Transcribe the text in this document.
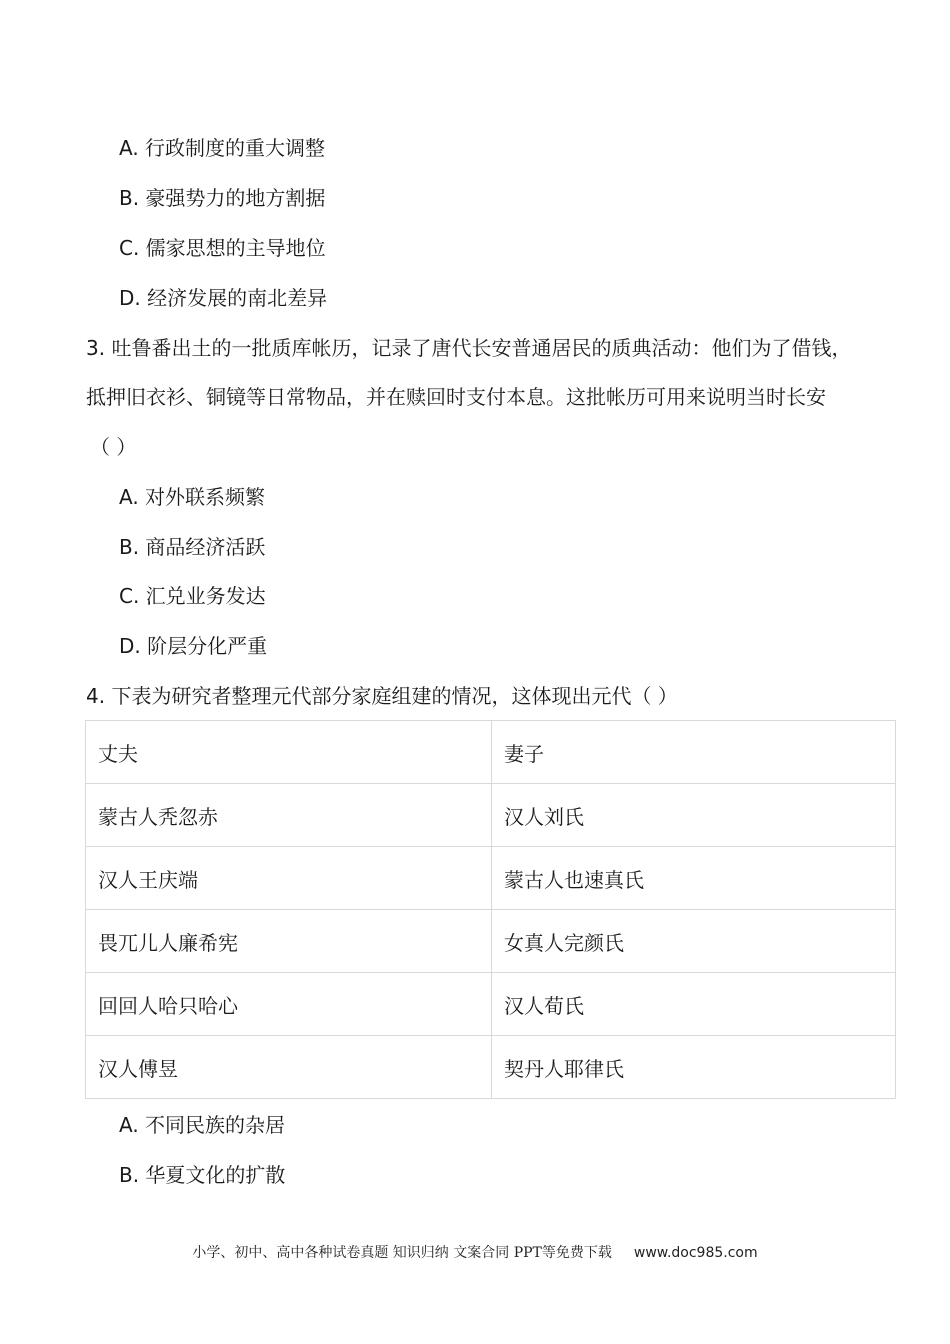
A. 行政制度的重大调整
B. 豪强势力的地方割据
C. 儒家思想的主导地位
D. 经济发展的南北差异
3. 吐鲁番出土的一批质库帐历，记录了唐代长安普通居民的质典活动：他们为了借钱，
抵押旧衣衫、铜镜等日常物品，并在赎回时支付本息。这批帐历可用来说明当时长安
（ ）
A. 对外联系频繁
B. 商品经济活跃
C. 汇兑业务发达
D. 阶层分化严重
4. 下表为研究者整理元代部分家庭组建的情况，这体现出元代（ ）
丈夫	妻子
蒙古人秃忽赤	汉人刘氏
汉人王庆端	蒙古人也速真氏
畏兀儿人廉希宪	女真人完颜氏
回回人哈只哈心	汉人荀氏
汉人傅昱	契丹人耶律氏
A. 不同民族的杂居
B. 华夏文化的扩散
小学、初中、高中各种试卷真题 知识归纳 文案合同 PPT等免费下载 www.doc985.com
